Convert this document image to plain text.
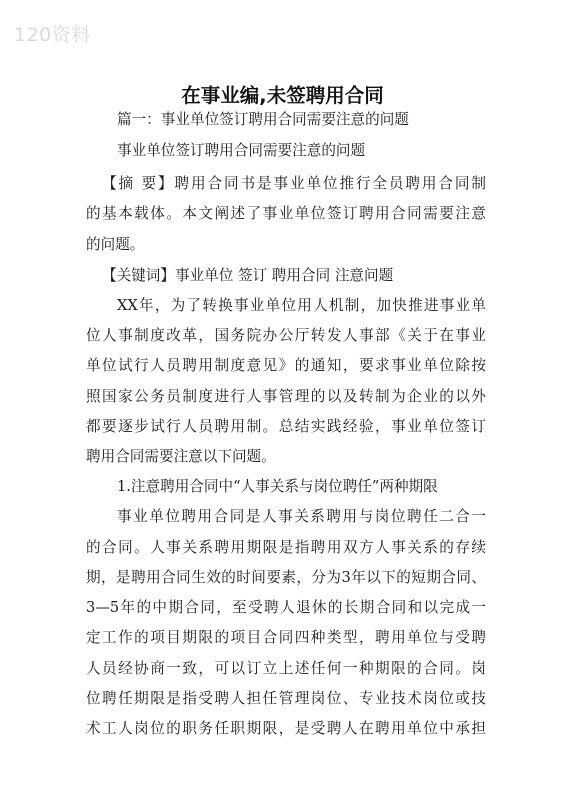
120资料
在事业编,未签聘用合同
篇一：事业单位签订聘用合同需要注意的问题
事业单位签订聘用合同需要注意的问题
【摘 要】聘用合同书是事业单位推行全员聘用合同制
的基本载体。本文阐述了事业单位签订聘用合同需要注意
的问题。
【关键词】事业单位 签订 聘用合同 注意问题
XX年，为了转换事业单位用人机制，加快推进事业单
位人事制度改革，国务院办公厅转发人事部《关于在事业
单位试行人员聘用制度意见》的通知，要求事业单位除按
照国家公务员制度进行人事管理的以及转制为企业的以外
都要逐步试行人员聘用制。总结实践经验，事业单位签订
聘用合同需要注意以下问题。
1.注意聘用合同中“人事关系与岗位聘任”两种期限
事业单位聘用合同是人事关系聘用与岗位聘任二合一
的合同。人事关系聘用期限是指聘用双方人事关系的存续
期，是聘用合同生效的时间要素，分为3年以下的短期合同、
3—5年的中期合同，至受聘人退休的长期合同和以完成一
定工作的项目期限的项目合同四种类型，聘用单位与受聘
人员经协商一致，可以订立上述任何一种期限的合同。岗
位聘任期限是指受聘人担任管理岗位、专业技术岗位或技
术工人岗位的职务任职期限，是受聘人在聘用单位中承担
